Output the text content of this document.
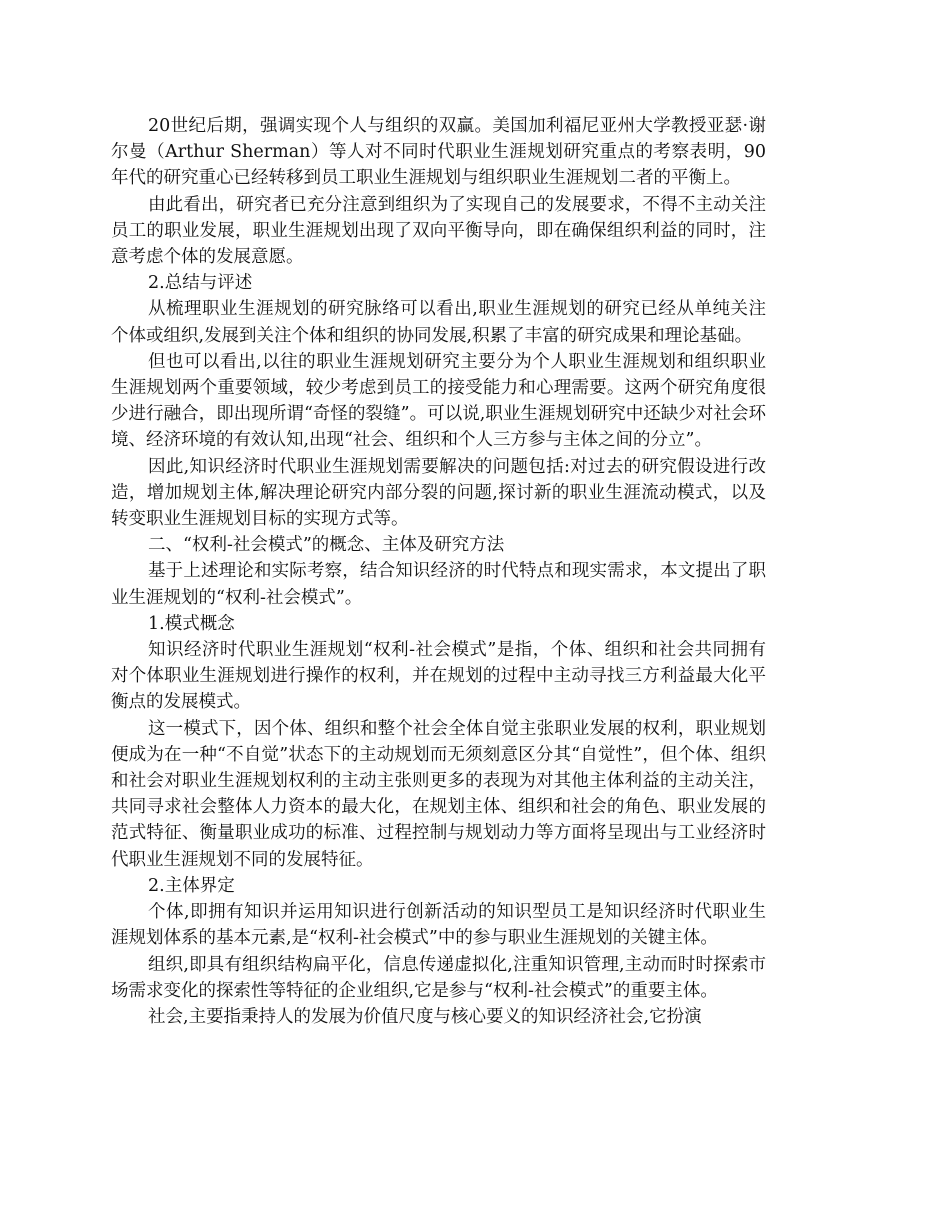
20世纪后期，强调实现个人与组织的双赢。美国加利福尼亚州大学教授亚瑟·谢尔曼（Arthur Sherman）等人对不同时代职业生涯规划研究重点的考察表明，90年代的研究重心已经转移到员工职业生涯规划与组织职业生涯规划二者的平衡上。

由此看出，研究者已充分注意到组织为了实现自己的发展要求，不得不主动关注员工的职业发展，职业生涯规划出现了双向平衡导向，即在确保组织利益的同时，注意考虑个体的发展意愿。

2.总结与评述

从梳理职业生涯规划的研究脉络可以看出,职业生涯规划的研究已经从单纯关注个体或组织,发展到关注个体和组织的协同发展,积累了丰富的研究成果和理论基础。

但也可以看出,以往的职业生涯规划研究主要分为个人职业生涯规划和组织职业生涯规划两个重要领域，较少考虑到员工的接受能力和心理需要。这两个研究角度很少进行融合，即出现所谓“奇怪的裂缝”。可以说,职业生涯规划研究中还缺少对社会环境、经济环境的有效认知,出现“社会、组织和个人三方参与主体之间的分立”。

因此,知识经济时代职业生涯规划需要解决的问题包括:对过去的研究假设进行改造，增加规划主体,解决理论研究内部分裂的问题,探讨新的职业生涯流动模式，以及转变职业生涯规划目标的实现方式等。

二、“权利-社会模式”的概念、主体及研究方法

基于上述理论和实际考察，结合知识经济的时代特点和现实需求，本文提出了职业生涯规划的“权利-社会模式”。

1.模式概念

知识经济时代职业生涯规划“权利-社会模式”是指，个体、组织和社会共同拥有对个体职业生涯规划进行操作的权利，并在规划的过程中主动寻找三方利益最大化平衡点的发展模式。

这一模式下，因个体、组织和整个社会全体自觉主张职业发展的权利，职业规划便成为在一种“不自觉”状态下的主动规划而无须刻意区分其“自觉性”，但个体、组织和社会对职业生涯规划权利的主动主张则更多的表现为对其他主体利益的主动关注，共同寻求社会整体人力资本的最大化，在规划主体、组织和社会的角色、职业发展的范式特征、衡量职业成功的标准、过程控制与规划动力等方面将呈现出与工业经济时代职业生涯规划不同的发展特征。

2.主体界定

个体,即拥有知识并运用知识进行创新活动的知识型员工是知识经济时代职业生涯规划体系的基本元素,是“权利-社会模式”中的参与职业生涯规划的关键主体。

组织,即具有组织结构扁平化，信息传递虚拟化,注重知识管理,主动而时时探索市场需求变化的探索性等特征的企业组织,它是参与“权利-社会模式”的重要主体。

社会,主要指秉持人的发展为价值尺度与核心要义的知识经济社会,它扮演
